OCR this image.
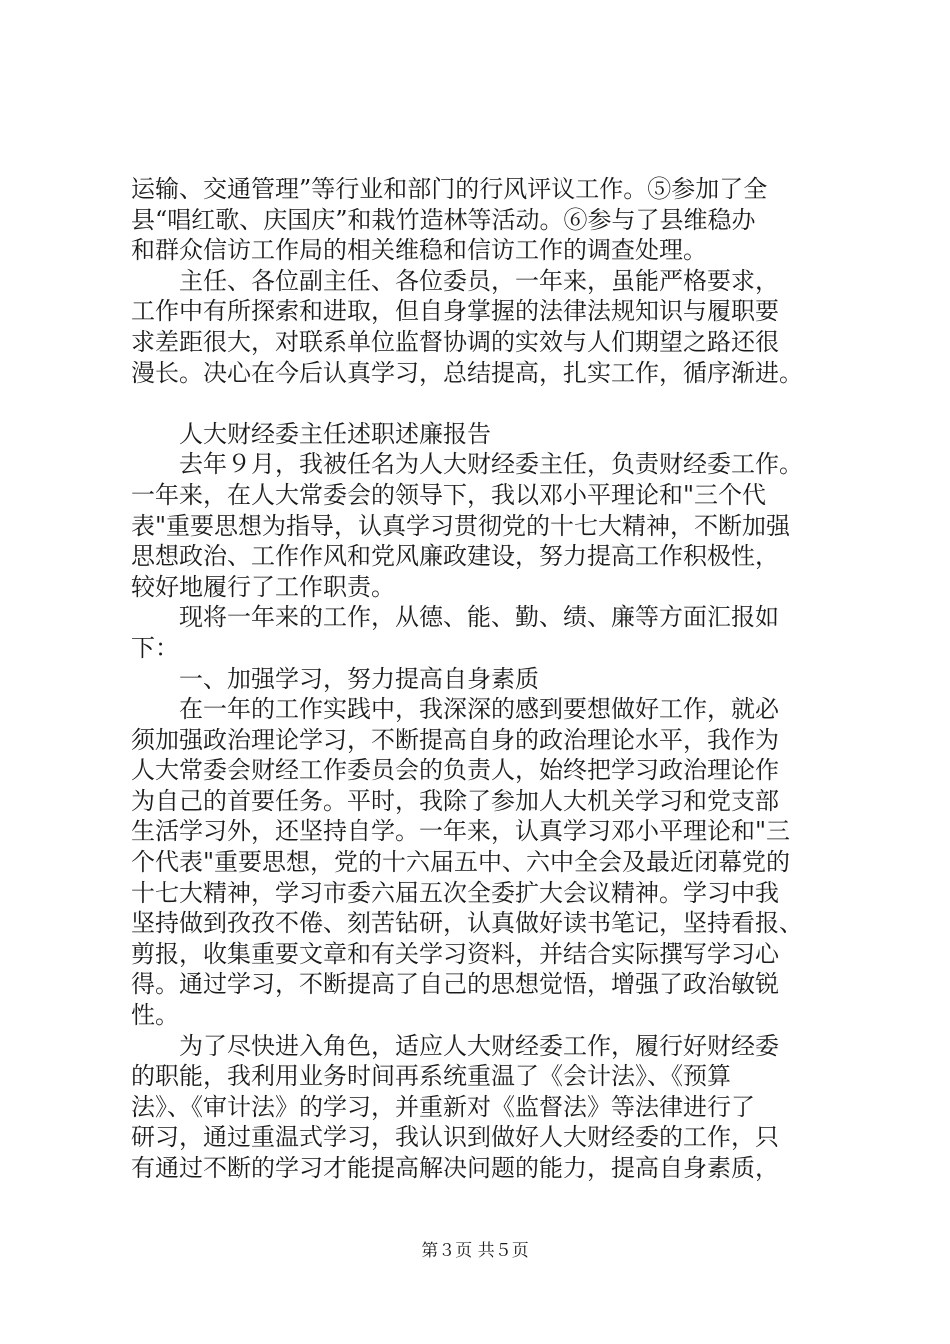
运输、交通管理”等行业和部门的行风评议工作。⑤参加了全
县“唱红歌、庆国庆”和栽竹造林等活动。⑥参与了县维稳办
和群众信访工作局的相关维稳和信访工作的调查处理。
主任、各位副主任、各位委员，一年来，虽能严格要求，
工作中有所探索和进取，但自身掌握的法律法规知识与履职要
求差距很大，对联系单位监督协调的实效与人们期望之路还很
漫长。决心在今后认真学习，总结提高，扎实工作，循序渐进。
人大财经委主任述职述廉报告
去年９月，我被任名为人大财经委主任，负责财经委工作。
一年来，在人大常委会的领导下，我以邓小平理论和"三个代
表"重要思想为指导，认真学习贯彻党的十七大精神，不断加强
思想政治、工作作风和党风廉政建设，努力提高工作积极性，
较好地履行了工作职责。
现将一年来的工作，从德、能、勤、绩、廉等方面汇报如
下：
一、加强学习，努力提高自身素质
在一年的工作实践中，我深深的感到要想做好工作，就必
须加强政治理论学习，不断提高自身的政治理论水平，我作为
人大常委会财经工作委员会的负责人，始终把学习政治理论作
为自己的首要任务。平时，我除了参加人大机关学习和党支部
生活学习外，还坚持自学。一年来，认真学习邓小平理论和"三
个代表"重要思想，党的十六届五中、六中全会及最近闭幕党的
十七大精神，学习市委六届五次全委扩大会议精神。学习中我
坚持做到孜孜不倦、刻苦钻研，认真做好读书笔记，坚持看报、
剪报，收集重要文章和有关学习资料，并结合实际撰写学习心
得。通过学习，不断提高了自己的思想觉悟，增强了政治敏锐
性。
为了尽快进入角色，适应人大财经委工作，履行好财经委
的职能，我利用业务时间再系统重温了《会计法》、《预算
法》、《审计法》的学习，并重新对《监督法》等法律进行了
研习，通过重温式学习，我认识到做好人大财经委的工作，只
有通过不断的学习才能提高解决问题的能力，提高自身素质，
第３页 共５页
